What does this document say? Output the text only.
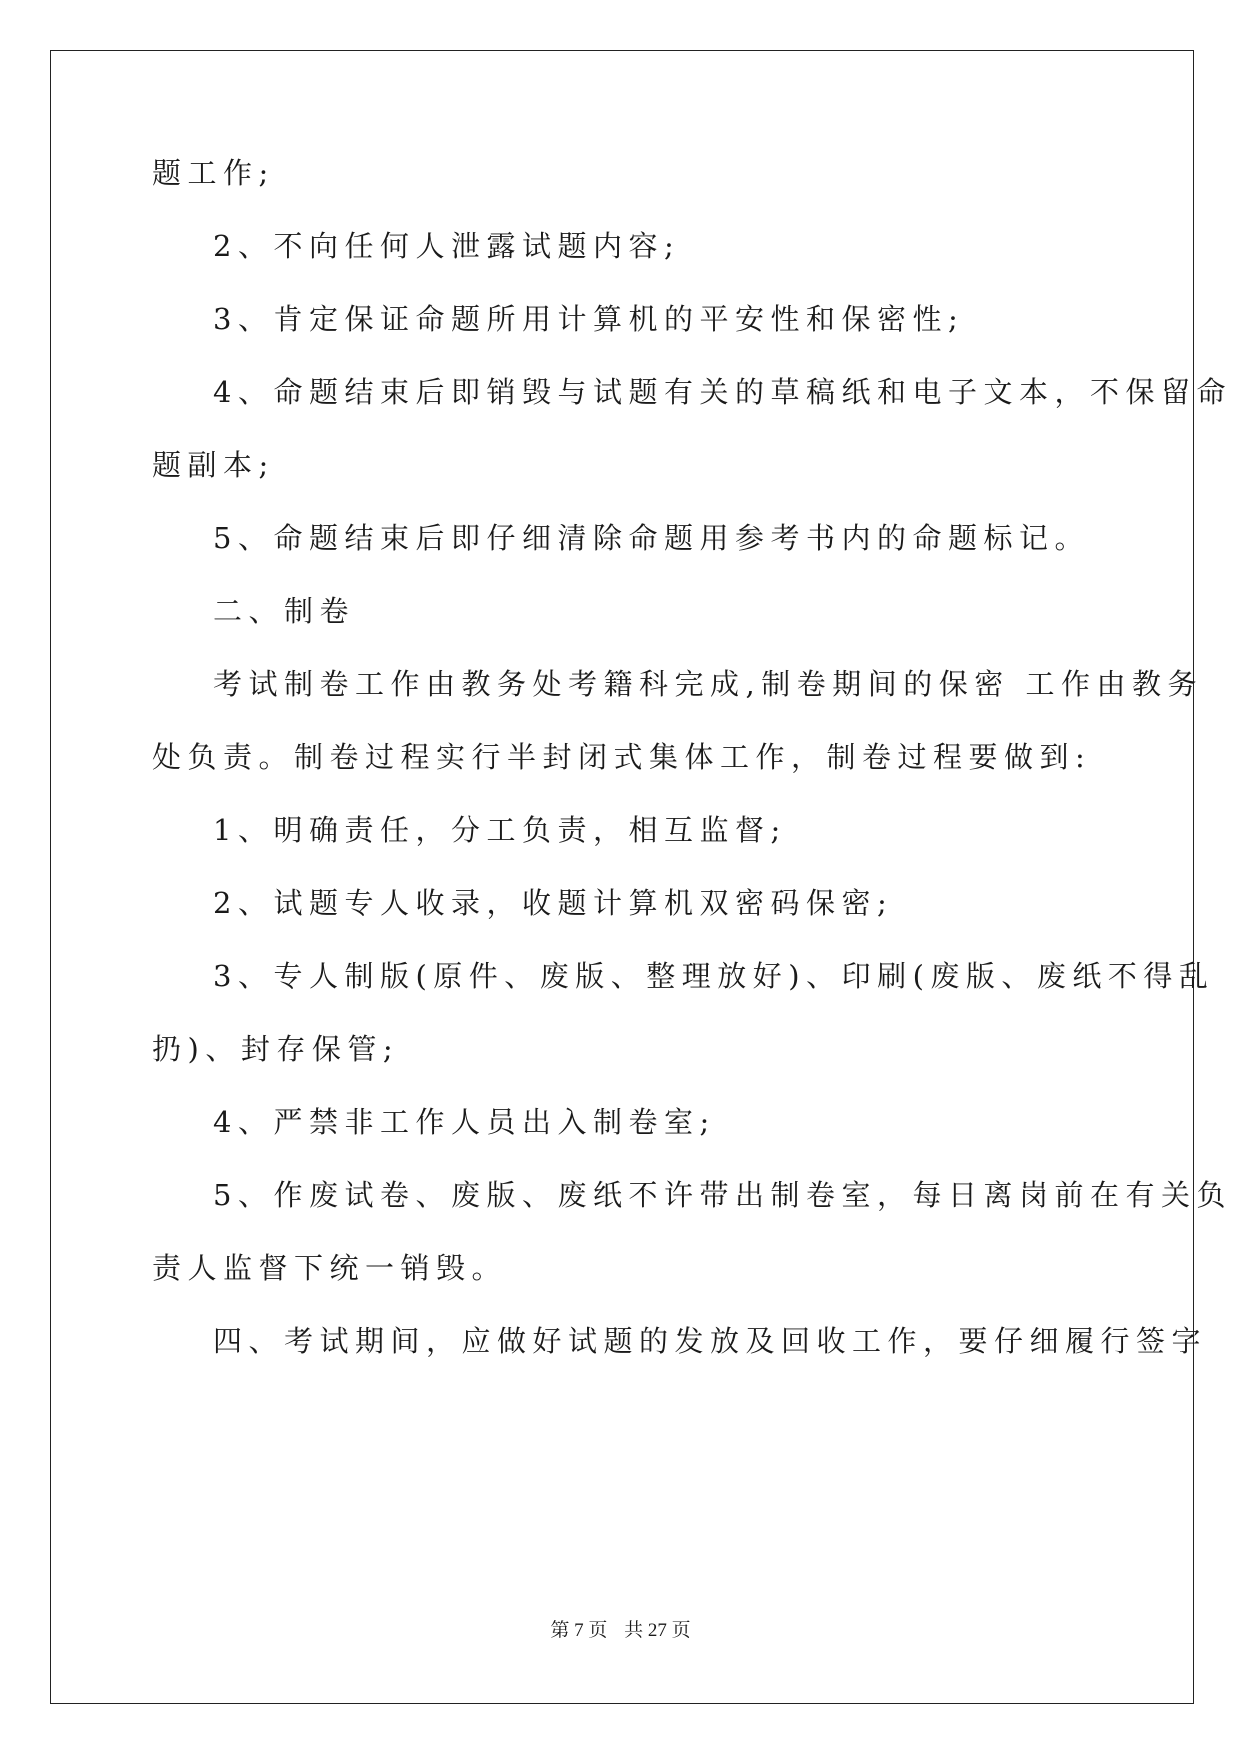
题工作;
2、不向任何人泄露试题内容;
3、肯定保证命题所用计算机的平安性和保密性;
4、命题结束后即销毁与试题有关的草稿纸和电子文本，不保留命
题副本;
5、命题结束后即仔细清除命题用参考书内的命题标记。
二、制卷
考试制卷工作由教务处考籍科完成,制卷期间的保密 工作由教务
处负责。制卷过程实行半封闭式集体工作，制卷过程要做到:
1、明确责任，分工负责，相互监督;
2、试题专人收录，收题计算机双密码保密;
3、专人制版(原件、废版、整理放好)、印刷(废版、废纸不得乱
扔)、封存保管;
4、严禁非工作人员出入制卷室;
5、作废试卷、废版、废纸不许带出制卷室，每日离岗前在有关负
责人监督下统一销毁。
四、考试期间，应做好试题的发放及回收工作，要仔细履行签字
第 7 页 共 27 页
